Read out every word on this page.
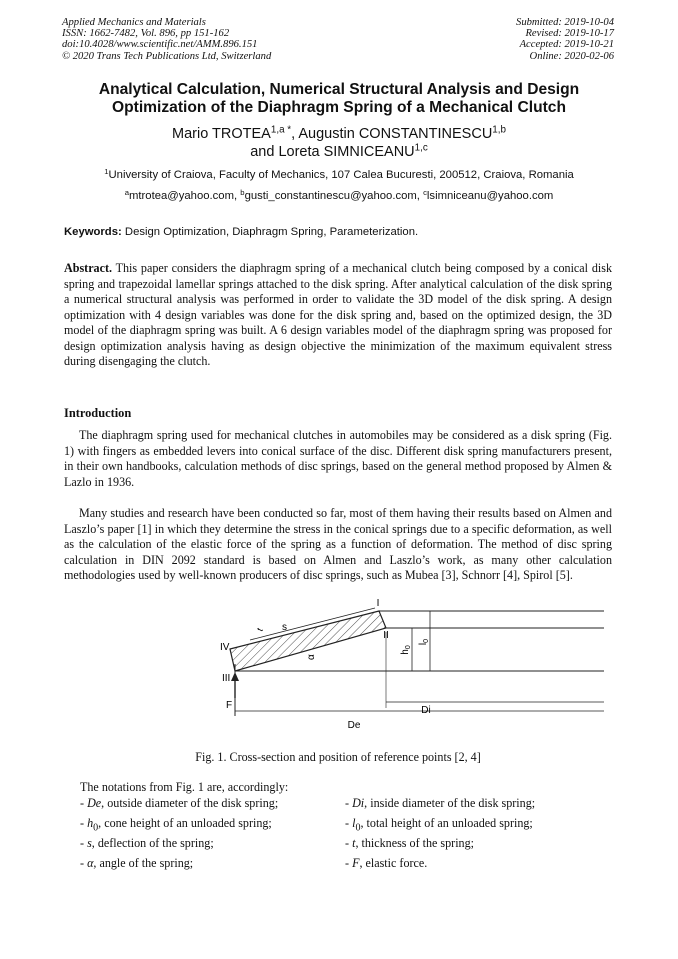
Applied Mechanics and Materials
ISSN: 1662-7482, Vol. 896, pp 151-162
doi:10.4028/www.scientific.net/AMM.896.151
© 2020 Trans Tech Publications Ltd, Switzerland
Submitted: 2019-10-04
Revised: 2019-10-17
Accepted: 2019-10-21
Online: 2020-02-06
Analytical Calculation, Numerical Structural Analysis and Design
Optimization of the Diaphragm Spring of a Mechanical Clutch
Mario $TROTEA^{1,a *}$, Augustin CONSTANTINESCU$^{1,b}$
and Loreta SIMNICEANU$^{1,c}$
$^1$University of Craiova, Faculty of Mechanics, 107 Calea Bucuresti, 200512, Craiova, Romania
$^a$mtrotea@yahoo.com, $^b$gusti_constantinescu@yahoo.com, $^c$lsimniceanu@yahoo.com
Keywords: Design Optimization, Diaphragm Spring, Parameterization.
Abstract. This paper considers the diaphragm spring of a mechanical clutch being composed by a conical disk spring and trapezoidal lamellar springs attached to the disk spring. After analytical calculation of the disk spring a numerical structural analysis was performed in order to validate the 3D model of the disk spring. A design optimization with 4 design variables was done for the disk spring and, based on the optimized design, the 3D model of the diaphragm spring was built. A 6 design variables model of the diaphragm spring was proposed for design optimization analysis having as design objective the minimization of the maximum equivalent stress during disengaging the clutch.
Introduction
The diaphragm spring used for mechanical clutches in automobiles may be considered as a disk spring (Fig. 1) with fingers as embedded levers into conical surface of the disc. Different disk spring manufacturers present, in their own handbooks, calculation methods of disc springs, based on the general method proposed by Almen & Lazlo in 1936.
Many studies and research have been conducted so far, most of them having their results based on Almen and Laszlo’s paper [1] in which they determine the stress in the conical springs due to a specific deformation, as well as the calculation of the elastic force of the spring as a function of deformation. The method of disc spring calculation in DIN 2092 standard is based on Almen and Laszlo’s work, as many other calculation methodologies used by well-known producers of disc springs, such as Mubea [3], Schnorr [4], Spirol [5].
I
II
IV
III
s
t
α
$h_0$
$l_0$
F	Di
De
Fig. 1. Cross-section and position of reference points [2, 4]
The notations from Fig. 1 are, accordingly:
- De, outside diameter of the disk spring;
- $h_0$, cone height of an unloaded spring;
- s, deflection of the spring;
- α, angle of the spring;
- Di, inside diameter of the disk spring;
- $l_0$, total height of an unloaded spring;
- t, thickness of the spring;
- F, elastic force.
